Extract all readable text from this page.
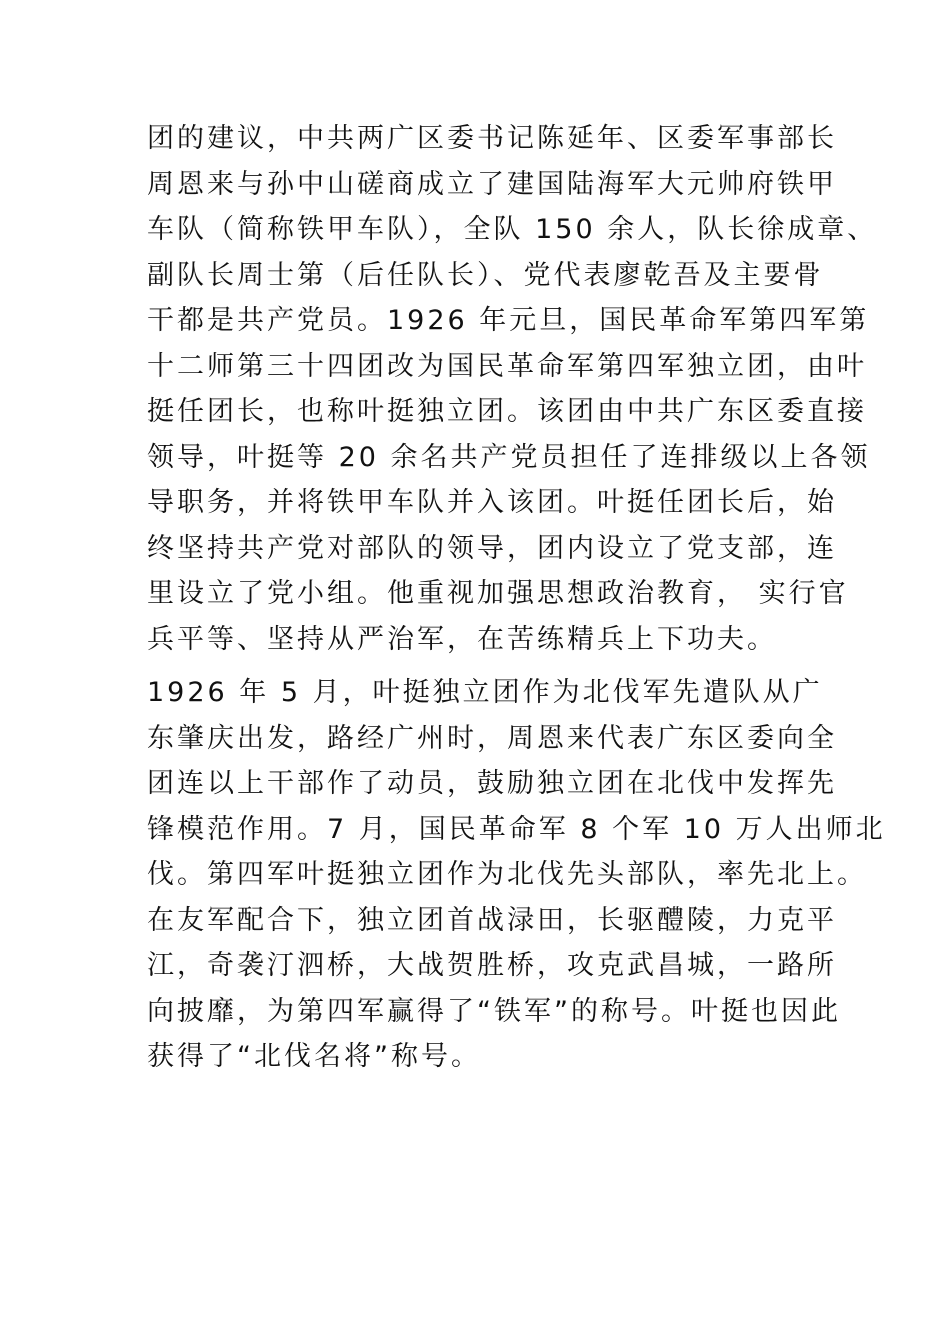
团的建议，中共两广区委书记陈延年、区委军事部长
周恩来与孙中山磋商成立了建国陆海军大元帅府铁甲
车队（简称铁甲车队），全队 150 余人，队长徐成章、
副队长周士第（后任队长）、党代表廖乾吾及主要骨
干都是共产党员。1926 年元旦，国民革命军第四军第
十二师第三十四团改为国民革命军第四军独立团，由叶
挺任团长，也称叶挺独立团。该团由中共广东区委直接
领导，叶挺等 20 余名共产党员担任了连排级以上各领
导职务，并将铁甲车队并入该团。叶挺任团长后，始
终坚持共产党对部队的领导，团内设立了党支部，连
里设立了党小组。他重视加强思想政治教育， 实行官
兵平等、坚持从严治军，在苦练精兵上下功夫。
1926 年 5 月，叶挺独立团作为北伐军先遣队从广
东肇庆出发，路经广州时，周恩来代表广东区委向全
团连以上干部作了动员，鼓励独立团在北伐中发挥先
锋模范作用。7 月，国民革命军 8 个军 10 万人出师北
伐。第四军叶挺独立团作为北伐先头部队，率先北上。
在友军配合下，独立团首战渌田，长驱醴陵，力克平
江，奇袭汀泗桥，大战贺胜桥，攻克武昌城，一路所
向披靡，为第四军赢得了“铁军”的称号。叶挺也因此
获得了“北伐名将”称号。
